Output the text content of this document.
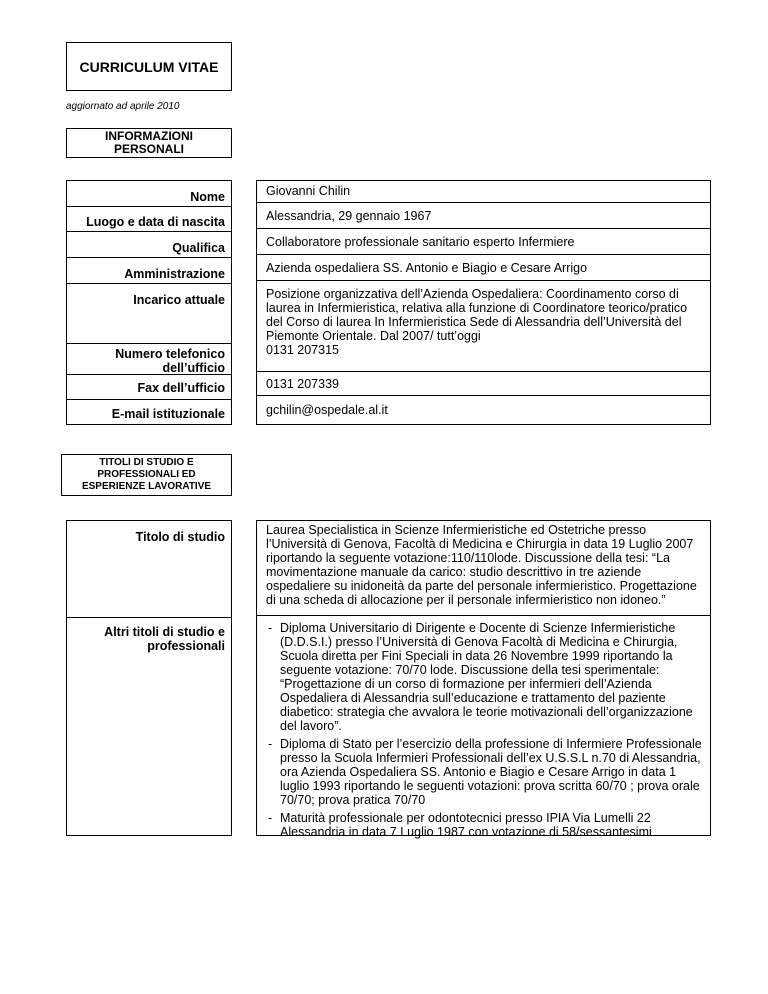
CURRICULUM VITAE
aggiornato ad aprile 2010
INFORMAZIONI
PERSONALI
Nome
Luogo e data di nascita
Qualifica
Amministrazione
Incarico attuale
Numero telefonico
dell’ufficio
Fax dell’ufficio
E-mail istituzionale
Giovanni Chilin
Alessandria, 29 gennaio 1967
Collaboratore professionale sanitario esperto Infermiere
Azienda ospedaliera SS. Antonio e Biagio e Cesare Arrigo
Posizione organizzativa dell’Azienda Ospedaliera: Coordinamento corso di laurea in Infermieristica, relativa alla funzione di Coordinatore teorico/pratico del Corso di laurea In Infermieristica Sede di Alessandria dell’Università del Piemonte Orientale. Dal 2007/ tutt’oggi
0131 207315
0131 207339
gchilin@ospedale.al.it
TITOLI DI STUDIO E
PROFESSIONALI ED
ESPERIENZE LAVORATIVE
Titolo di studio
Altri titoli di studio e
professionali
Laurea Specialistica in Scienze Infermieristiche ed Ostetriche presso l’Università di Genova, Facoltà di Medicina e Chirurgia in data 19 Luglio 2007 riportando la seguente votazione:110/110lode. Discussione della tesi: “La movimentazione manuale da carico: studio descrittivo in tre aziende ospedaliere su inidoneità da parte del personale infermieristico. Progettazione di una scheda di allocazione per il personale infermieristico non idoneo.”
- Diploma Universitario di Dirigente e Docente di Scienze Infermieristiche (D.D.S.I.) presso l’Università di Genova Facoltà di Medicina e Chirurgia, Scuola diretta per Fini Speciali in data 26 Novembre 1999 riportando la seguente votazione: 70/70 lode. Discussione della tesi sperimentale: “Progettazione di un corso di formazione per infermieri dell’Azienda Ospedaliera di Alessandria sull’educazione e trattamento del paziente diabetico: strategia che avvalora le teorie motivazionali dell’organizzazione del lavoro”.
- Diploma di Stato per l’esercizio della professione di Infermiere Professionale presso la Scuola Infermieri Professionali dell’ex U.S.S.L n.70 di Alessandria, ora Azienda Ospedaliera SS. Antonio e Biagio e Cesare Arrigo in data 1 luglio 1993 riportando le seguenti votazioni: prova scritta 60/70 ; prova orale 70/70; prova pratica 70/70
- Maturità professionale per odontotecnici presso IPIA Via Lumelli 22 Alessandria in data 7 Luglio 1987 con votazione di 58/sessantesimi
